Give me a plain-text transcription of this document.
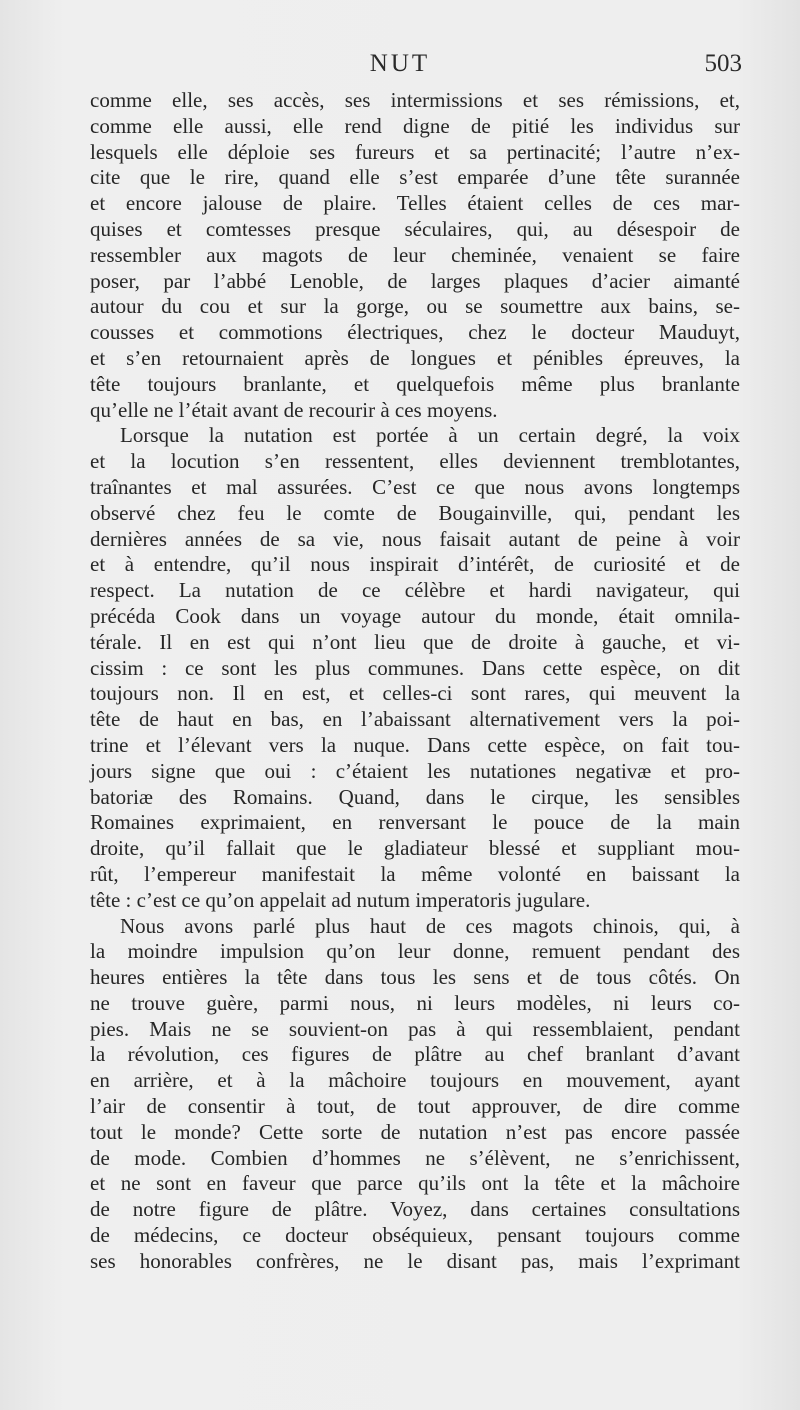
NUT	503
comme elle, ses accès, ses intermissions et ses rémissions, et,
comme elle aussi, elle rend digne de pitié les individus sur
lesquels elle déploie ses fureurs et sa pertinacité; l’autre n’ex-
cite que le rire, quand elle s’est emparée d’une tête surannée
et encore jalouse de plaire. Telles étaient celles de ces mar-
quises et comtesses presque séculaires, qui, au désespoir de
ressembler aux magots de leur cheminée, venaient se faire
poser, par l’abbé Lenoble, de larges plaques d’acier aimanté
autour du cou et sur la gorge, ou se soumettre aux bains, se-
cousses et commotions électriques, chez le docteur Mauduyt,
et s’en retournaient après de longues et pénibles épreuves, la
tête toujours branlante, et quelquefois même plus branlante
qu’elle ne l’était avant de recourir à ces moyens.
Lorsque la nutation est portée à un certain degré, la voix
et la locution s’en ressentent, elles deviennent tremblotantes,
traînantes et mal assurées. C’est ce que nous avons longtemps
observé chez feu le comte de Bougainville, qui, pendant les
dernières années de sa vie, nous faisait autant de peine à voir
et à entendre, qu’il nous inspirait d’intérêt, de curiosité et de
respect. La nutation de ce célèbre et hardi navigateur, qui
précéda Cook dans un voyage autour du monde, était omnila-
térale. Il en est qui n’ont lieu que de droite à gauche, et vi-
cissim : ce sont les plus communes. Dans cette espèce, on dit
toujours non. Il en est, et celles-ci sont rares, qui meuvent la
tête de haut en bas, en l’abaissant alternativement vers la poi-
trine et l’élevant vers la nuque. Dans cette espèce, on fait tou-
jours signe que oui : c’étaient les nutationes negativæ et pro-
batoriæ des Romains. Quand, dans le cirque, les sensibles
Romaines exprimaient, en renversant le pouce de la main
droite, qu’il fallait que le gladiateur blessé et suppliant mou-
rût, l’empereur manifestait la même volonté en baissant la
tête : c’est ce qu’on appelait ad nutum imperatoris jugulare.
Nous avons parlé plus haut de ces magots chinois, qui, à
la moindre impulsion qu’on leur donne, remuent pendant des
heures entières la tête dans tous les sens et de tous côtés. On
ne trouve guère, parmi nous, ni leurs modèles, ni leurs co-
pies. Mais ne se souvient-on pas à qui ressemblaient, pendant
la révolution, ces figures de plâtre au chef branlant d’avant
en arrière, et à la mâchoire toujours en mouvement, ayant
l’air de consentir à tout, de tout approuver, de dire comme
tout le monde? Cette sorte de nutation n’est pas encore passée
de mode. Combien d’hommes ne s’élèvent, ne s’enrichissent,
et ne sont en faveur que parce qu’ils ont la tête et la mâchoire
de notre figure de plâtre. Voyez, dans certaines consultations
de médecins, ce docteur obséquieux, pensant toujours comme
ses honorables confrères, ne le disant pas, mais l’exprimant
